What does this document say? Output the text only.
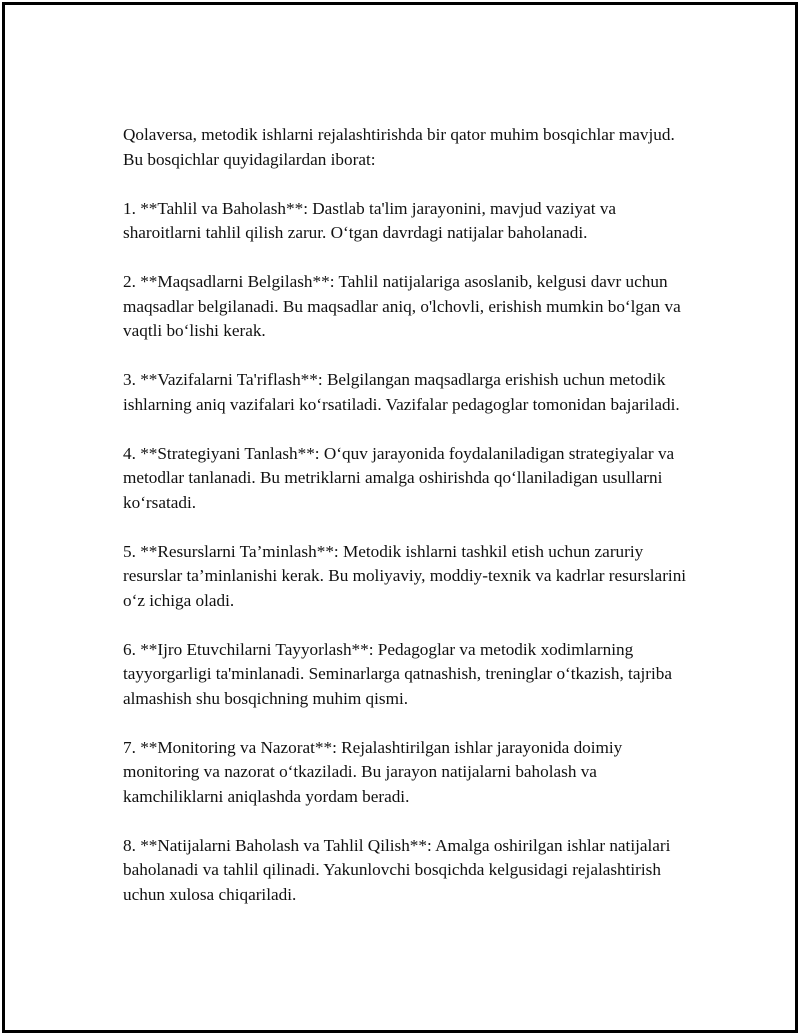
Qolaversa, metodik ishlarni rejalashtirishda bir qator muhim bosqichlar mavjud. Bu bosqichlar quyidagilardan iborat:

1. **Tahlil va Baholash**: Dastlab ta'lim jarayonini, mavjud vaziyat va sharoitlarni tahlil qilish zarur. O‘tgan davrdagi natijalar baholanadi.

2. **Maqsadlarni Belgilash**: Tahlil natijalariga asoslanib, kelgusi davr uchun maqsadlar belgilanadi. Bu maqsadlar aniq, o'lchovli, erishish mumkin bo‘lgan va vaqtli bo‘lishi kerak.

3. **Vazifalarni Ta'riflash**: Belgilangan maqsadlarga erishish uchun metodik ishlarning aniq vazifalari ko‘rsatiladi. Vazifalar pedagoglar tomonidan bajariladi.

4. **Strategiyani Tanlash**: O‘quv jarayonida foydalaniladigan strategiyalar va metodlar tanlanadi. Bu metriklarni amalga oshirishda qo‘llaniladigan usullarni ko‘rsatadi.

5. **Resurslarni Ta’minlash**: Metodik ishlarni tashkil etish uchun zaruriy resurslar ta’minlanishi kerak. Bu moliyaviy, moddiy-texnik va kadrlar resurslarini o‘z ichiga oladi.

6. **Ijro Etuvchilarni Tayyorlash**: Pedagoglar va metodik xodimlarning tayyorgarligi ta'minlanadi. Seminarlarga qatnashish, treninglar o‘tkazish, tajriba almashish shu bosqichning muhim qismi.

7. **Monitoring va Nazorat**: Rejalashtirilgan ishlar jarayonida doimiy monitoring va nazorat o‘tkaziladi. Bu jarayon natijalarni baholash va kamchiliklarni aniqlashda yordam beradi.

8. **Natijalarni Baholash va Tahlil Qilish**: Amalga oshirilgan ishlar natijalari baholanadi va tahlil qilinadi. Yakunlovchi bosqichda kelgusidagi rejalashtirish uchun xulosa chiqariladi.
